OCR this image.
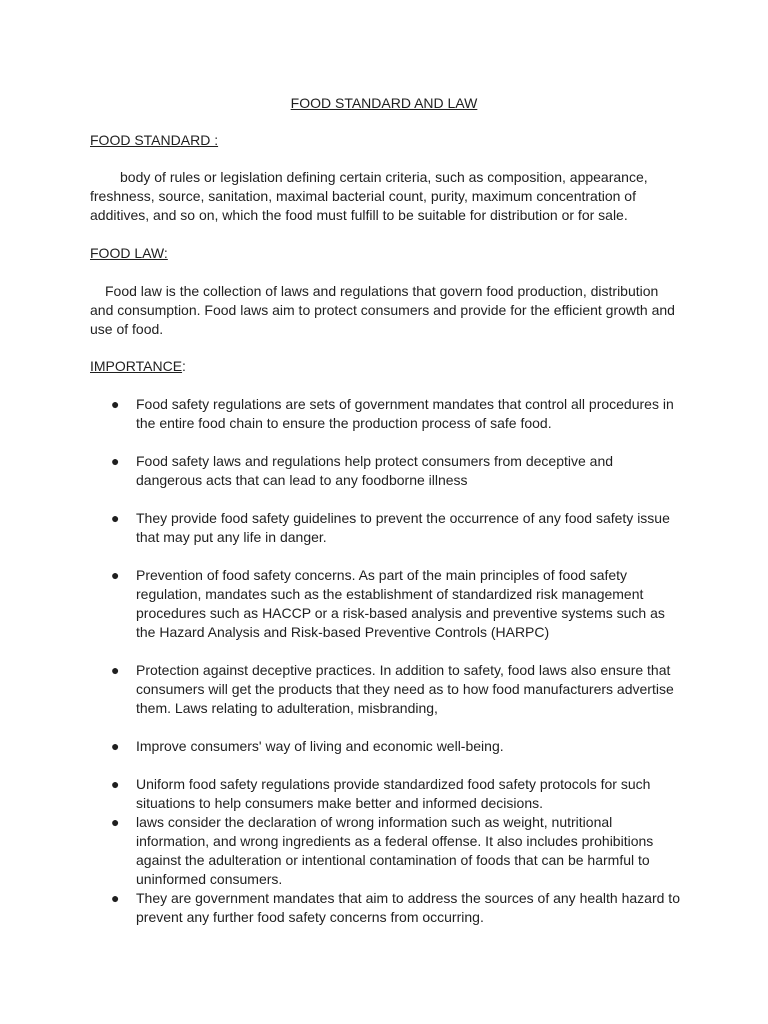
FOOD STANDARD AND LAW
FOOD STANDARD :

body of rules or legislation defining certain criteria, such as composition, appearance, freshness, source, sanitation, maximal bacterial count, purity, maximum concentration of additives, and so on, which the food must fulfill to be suitable for distribution or for sale.

FOOD LAW:

Food law is the collection of laws and regulations that govern food production, distribution and consumption. Food laws aim to protect consumers and provide for the efficient growth and use of food.

IMPORTANCE:
● Food safety regulations are sets of government mandates that control all procedures in the entire food chain to ensure the production process of safe food.
● Food safety laws and regulations help protect consumers from deceptive and dangerous acts that can lead to any foodborne illness
● They provide food safety guidelines to prevent the occurrence of any food safety issue that may put any life in danger.
● Prevention of food safety concerns. As part of the main principles of food safety regulation, mandates such as the establishment of standardized risk management procedures such as HACCP or a risk-based analysis and preventive systems such as the Hazard Analysis and Risk-based Preventive Controls (HARPC)
● Protection against deceptive practices. In addition to safety, food laws also ensure that consumers will get the products that they need as to how food manufacturers advertise them. Laws relating to adulteration, misbranding,
● Improve consumers' way of living and economic well-being.
● Uniform food safety regulations provide standardized food safety protocols for such situations to help consumers make better and informed decisions.
● laws consider the declaration of wrong information such as weight, nutritional information, and wrong ingredients as a federal offense. It also includes prohibitions against the adulteration or intentional contamination of foods that can be harmful to uninformed consumers.
● They are government mandates that aim to address the sources of any health hazard to prevent any further food safety concerns from occurring.
